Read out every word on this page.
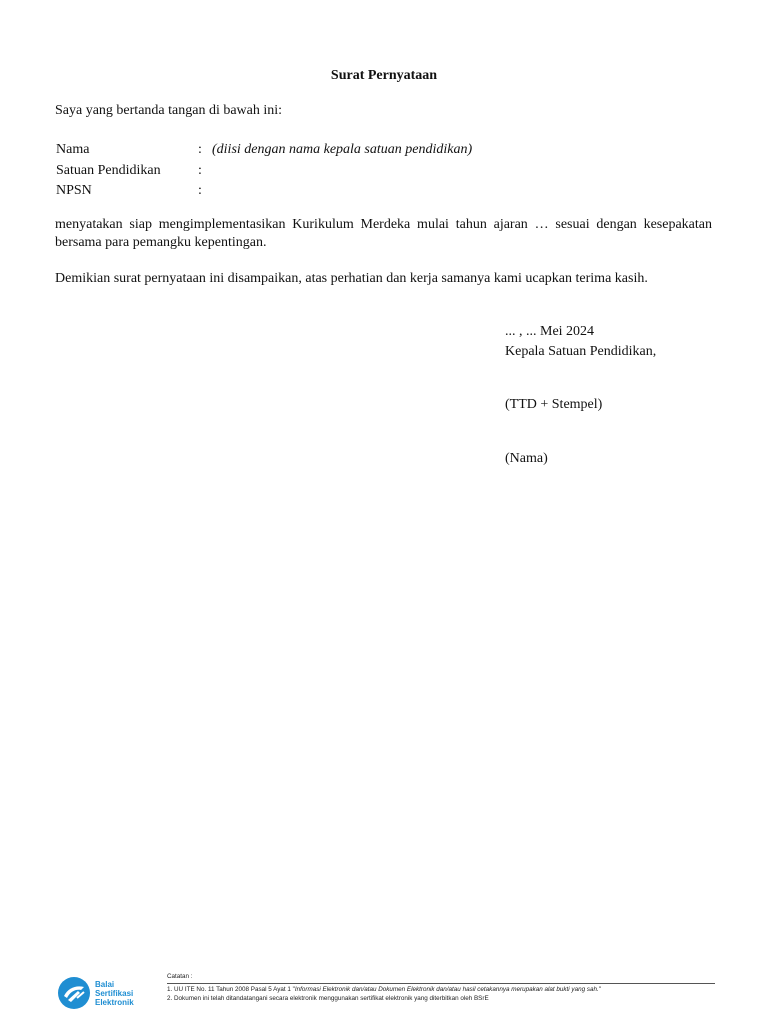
Surat Pernyataan
Saya yang bertanda tangan di bawah ini:
Nama	: (diisi dengan nama kepala satuan pendidikan)
Satuan Pendidikan	:
NPSN	:
menyatakan siap mengimplementasikan Kurikulum Merdeka mulai tahun ajaran … sesuai dengan kesepakatan bersama para pemangku kepentingan.
Demikian surat pernyataan ini disampaikan, atas perhatian dan kerja samanya kami ucapkan terima kasih.
... , ... Mei 2024
Kepala Satuan Pendidikan,
(TTD + Stempel)
(Nama)
Balai
Sertifikasi
Elektronik
Catatan :
1. UU ITE No. 11 Tahun 2008 Pasal 5 Ayat 1 "Informasi Elektronik dan/atau Dokumen Elektronik dan/atau hasil cetakannya merupakan alat bukti yang sah."
2. Dokumen ini telah ditandatangani secara elektronik menggunakan sertifikat elektronik yang diterbitkan oleh BSrE
